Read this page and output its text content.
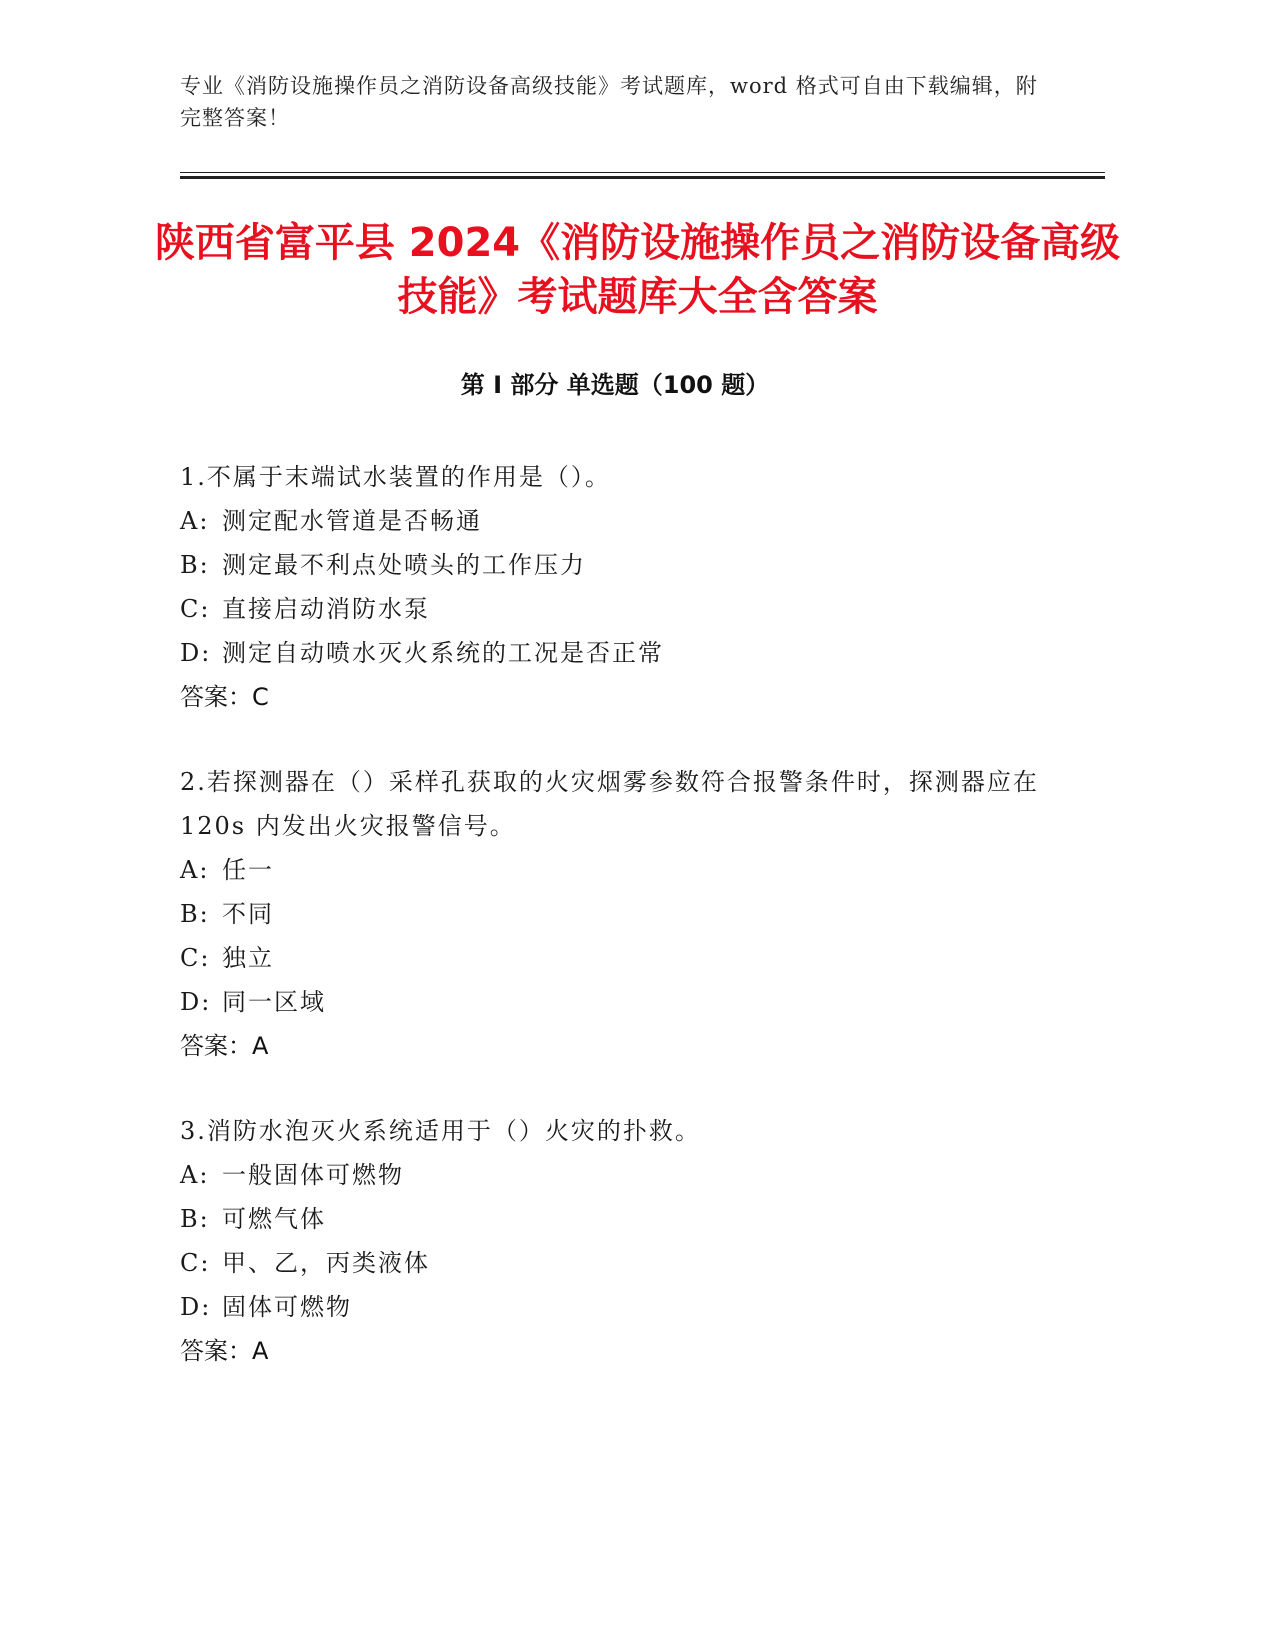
专业《消防设施操作员之消防设备高级技能》考试题库，word 格式可自由下载编辑，附完整答案！
陕西省富平县 2024《消防设施操作员之消防设备高级技能》考试题库大全含答案
第 I 部分 单选题（100 题）
1.不属于末端试水装置的作用是（）。
A: 测定配水管道是否畅通
B: 测定最不利点处喷头的工作压力
C: 直接启动消防水泵
D: 测定自动喷水灭火系统的工况是否正常
答案：C
2.若探测器在（）采样孔获取的火灾烟雾参数符合报警条件时，探测器应在 120s 内发出火灾报警信号。
A: 任一
B: 不同
C: 独立
D: 同一区域
答案：A
3.消防水泡灭火系统适用于（）火灾的扑救。
A: 一般固体可燃物
B: 可燃气体
C: 甲、乙，丙类液体
D: 固体可燃物
答案：A
